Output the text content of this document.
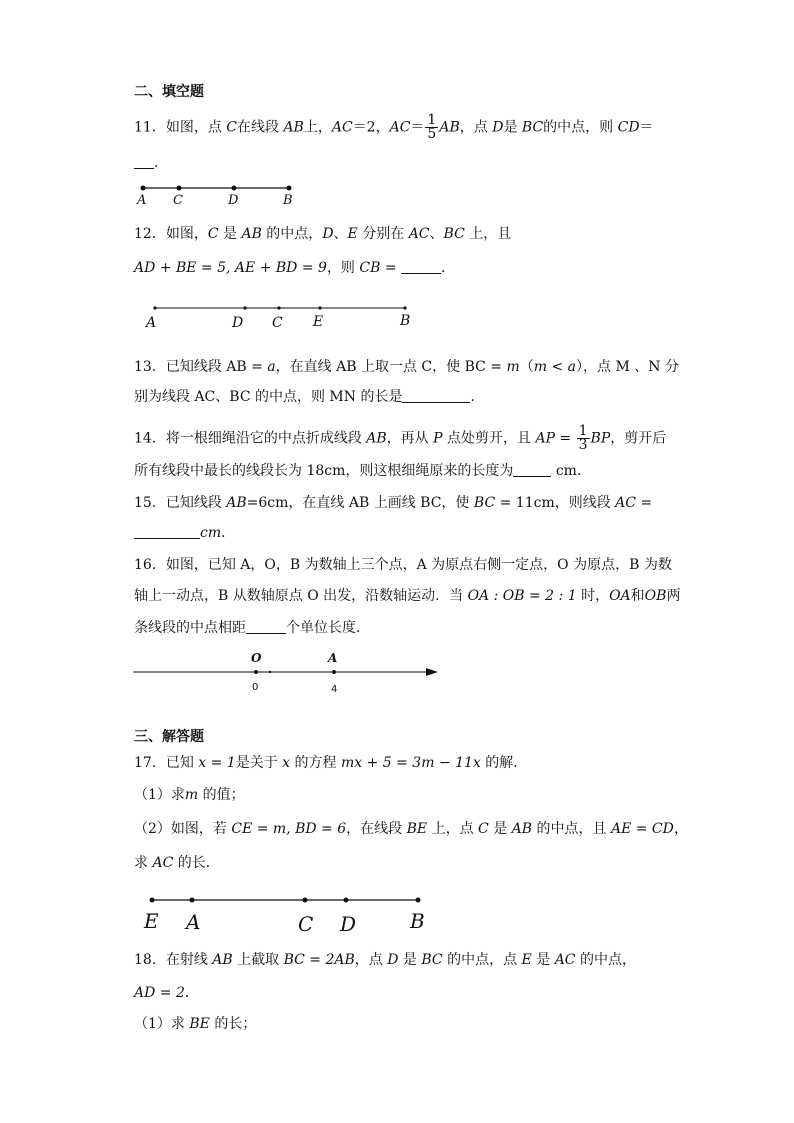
二、填空题
11．如图，点 C在线段 AB上，AC＝2，$AC= \frac{1}{5}$ AB，点 D是 BC的中点，则 CD＝
．
12．如图，C 是 AB 的中点，D、E 分别在 AC、BC 上，且
AD + BE = 5, AE + BD = 9，则 CB =	．
13．已知线段 AB = a，在直线 AB 上取一点 C，使 BC = m（m < a），点 M 、N 分
别为线段 AC、BC 的中点，则 MN 的长是	．
14．将一根细绳沿它的中点折成线段 AB，再从 P 点处剪开，且 AP = $\frac{1}{3}$ BP，剪开后
所有线段中最长的线段长为 18cm，则这根细绳原来的长度为	cm．
15．已知线段 AB=6cm，在直线 AB 上画线 BC，使 BC = 11cm，则线段 AC =
cm．
16．如图，已知 A，O，B 为数轴上三个点，A 为原点右侧一定点，O 为原点，B 为数
轴上一动点，B 从数轴原点 O 出发，沿数轴运动．当 OA : OB = 2 : 1 时，OA和OB两
条线段的中点相距	个单位长度．
三、解答题
17．已知 x = 1是关于 x 的方程 mx + 5 = 3m − 11x 的解．
（1）求m 的值；
（2）如图，若 CE = m, BD = 6，在线段 BE 上，点 C 是 AB 的中点，且 AE = CD，
求 AC 的长．
18．在射线 AB 上截取 BC = 2AB，点 D 是 BC 的中点，点 E 是 AC 的中点，
AD = 2．
（1）求 BE 的长；
A C	D	B
A	D C E	B
O	A
0	4
E A	C D	B
